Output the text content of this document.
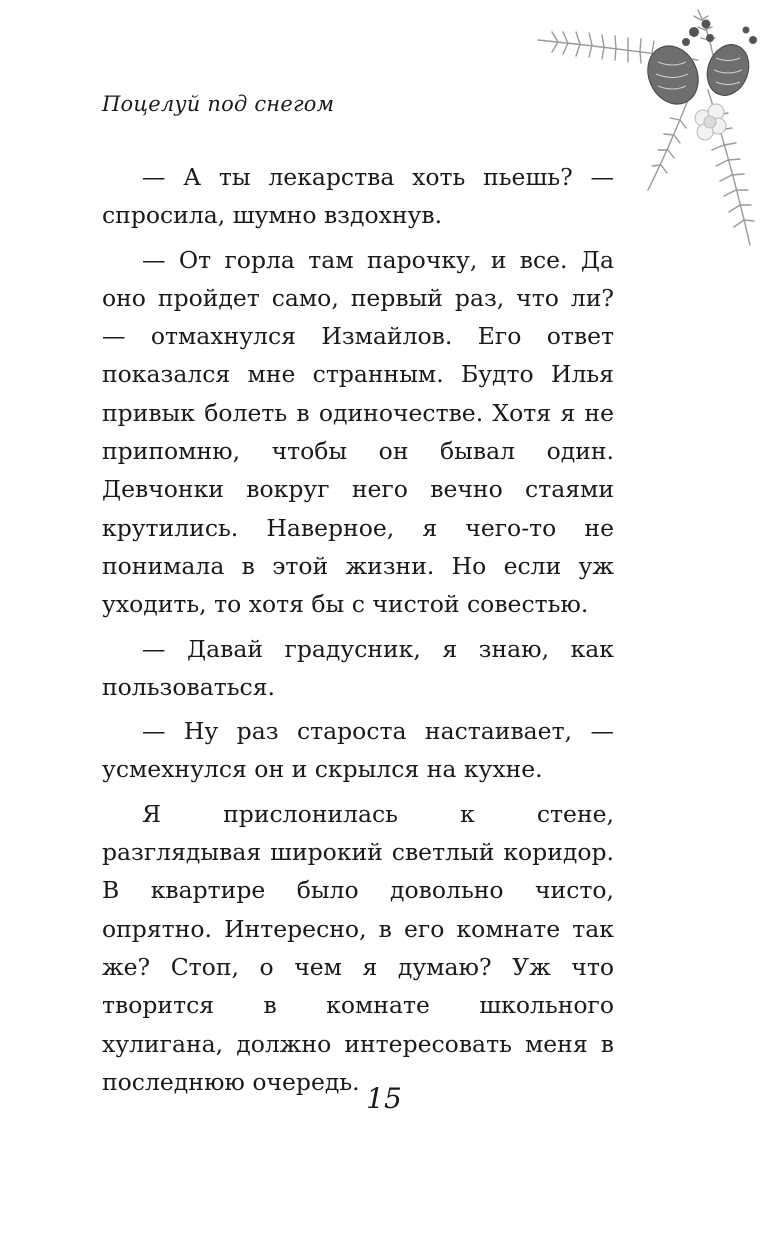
Поцелуй под снегом

— А ты лекарства хоть пьешь? — спросила, шумно вздохнув.

— От горла там парочку, и все. Да оно пройдет само, первый раз, что ли? — отмахнулся Измайлов. Его ответ показался мне странным. Будто Илья привык болеть в одиночестве. Хотя я не припомню, чтобы он бывал один. Девчонки вокруг него вечно стаями крутились. Наверное, я чего-то не понимала в этой жизни. Но если уж уходить, то хотя бы с чистой совестью.

— Давай градусник, я знаю, как пользоваться.

— Ну раз староста настаивает, — усмехнулся он и скрылся на кухне.

Я прислонилась к стене, разглядывая широкий светлый коридор. В квартире было довольно чисто, опрятно. Интересно, в его комнате так же? Стоп, о чем я думаю? Уж что творится в комнате школьного хулигана, должно интересовать меня в последнюю очередь.

15
